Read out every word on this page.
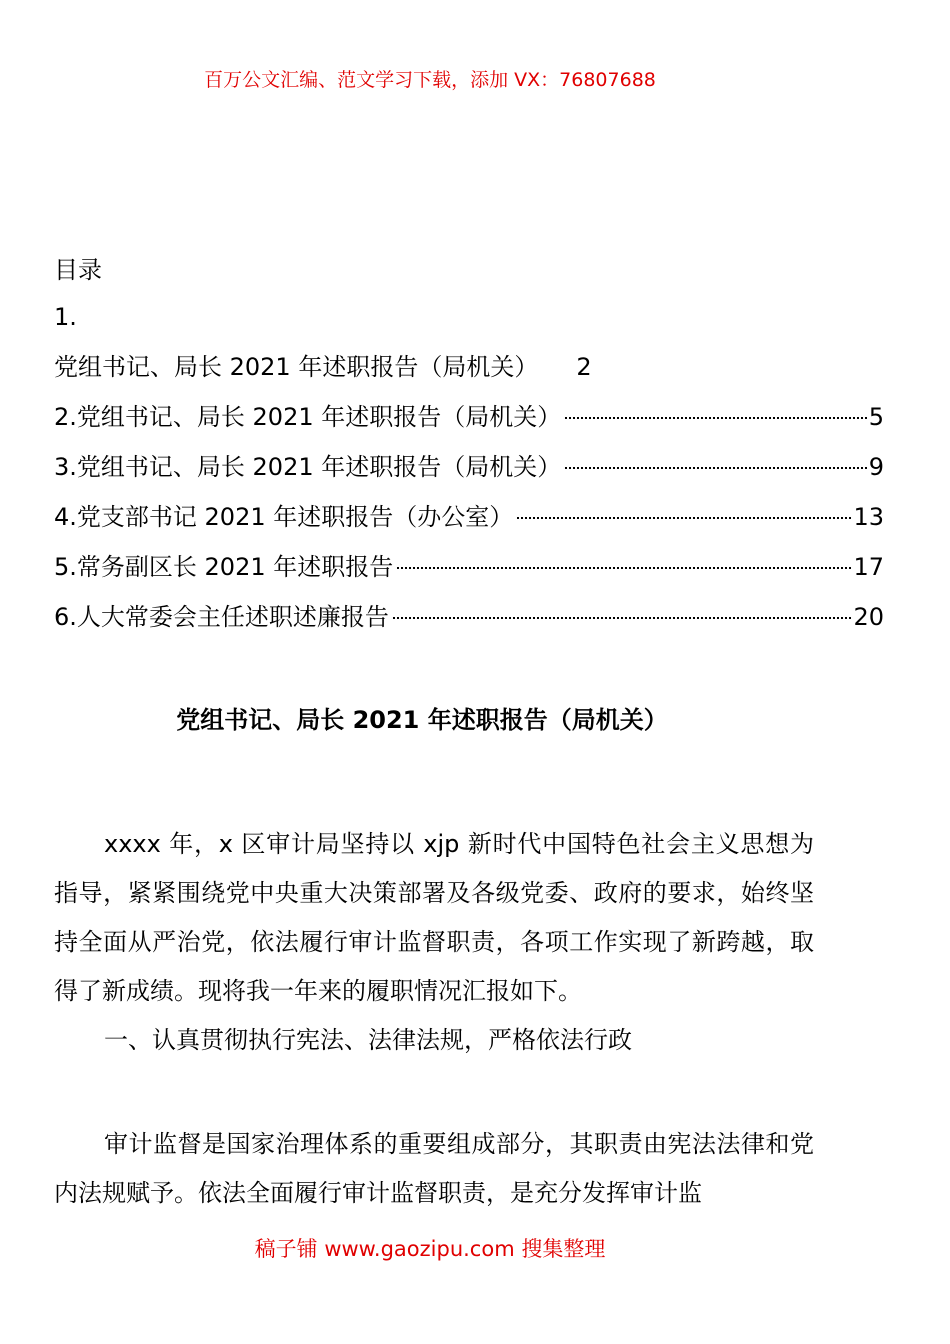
百万公文汇编、范文学习下载，添加 VX：76807688
目录
1.
党组书记、局长 2021 年述职报告（局机关） 2
2.党组书记、局长 2021 年述职报告（局机关）	5
3.党组书记、局长 2021 年述职报告（局机关）	9
4.党支部书记 2021 年述职报告（办公室）	13
5.常务副区长 2021 年述职报告	17
6.人大常委会主任述职述廉报告	20
党组书记、局长 2021 年述职报告（局机关）

xxxx 年，x 区审计局坚持以 xjp 新时代中国特色社会主义思想为指导，紧紧围绕党中央重大决策部署及各级党委、政府的要求，始终坚持全面从严治党，依法履行审计监督职责，各项工作实现了新跨越，取得了新成绩。现将我一年来的履职情况汇报如下。

一、认真贯彻执行宪法、法律法规，严格依法行政

审计监督是国家治理体系的重要组成部分，其职责由宪法法律和党内法规赋予。依法全面履行审计监督职责，是充分发挥审计监

稿子铺 www.gaozipu.com 搜集整理
